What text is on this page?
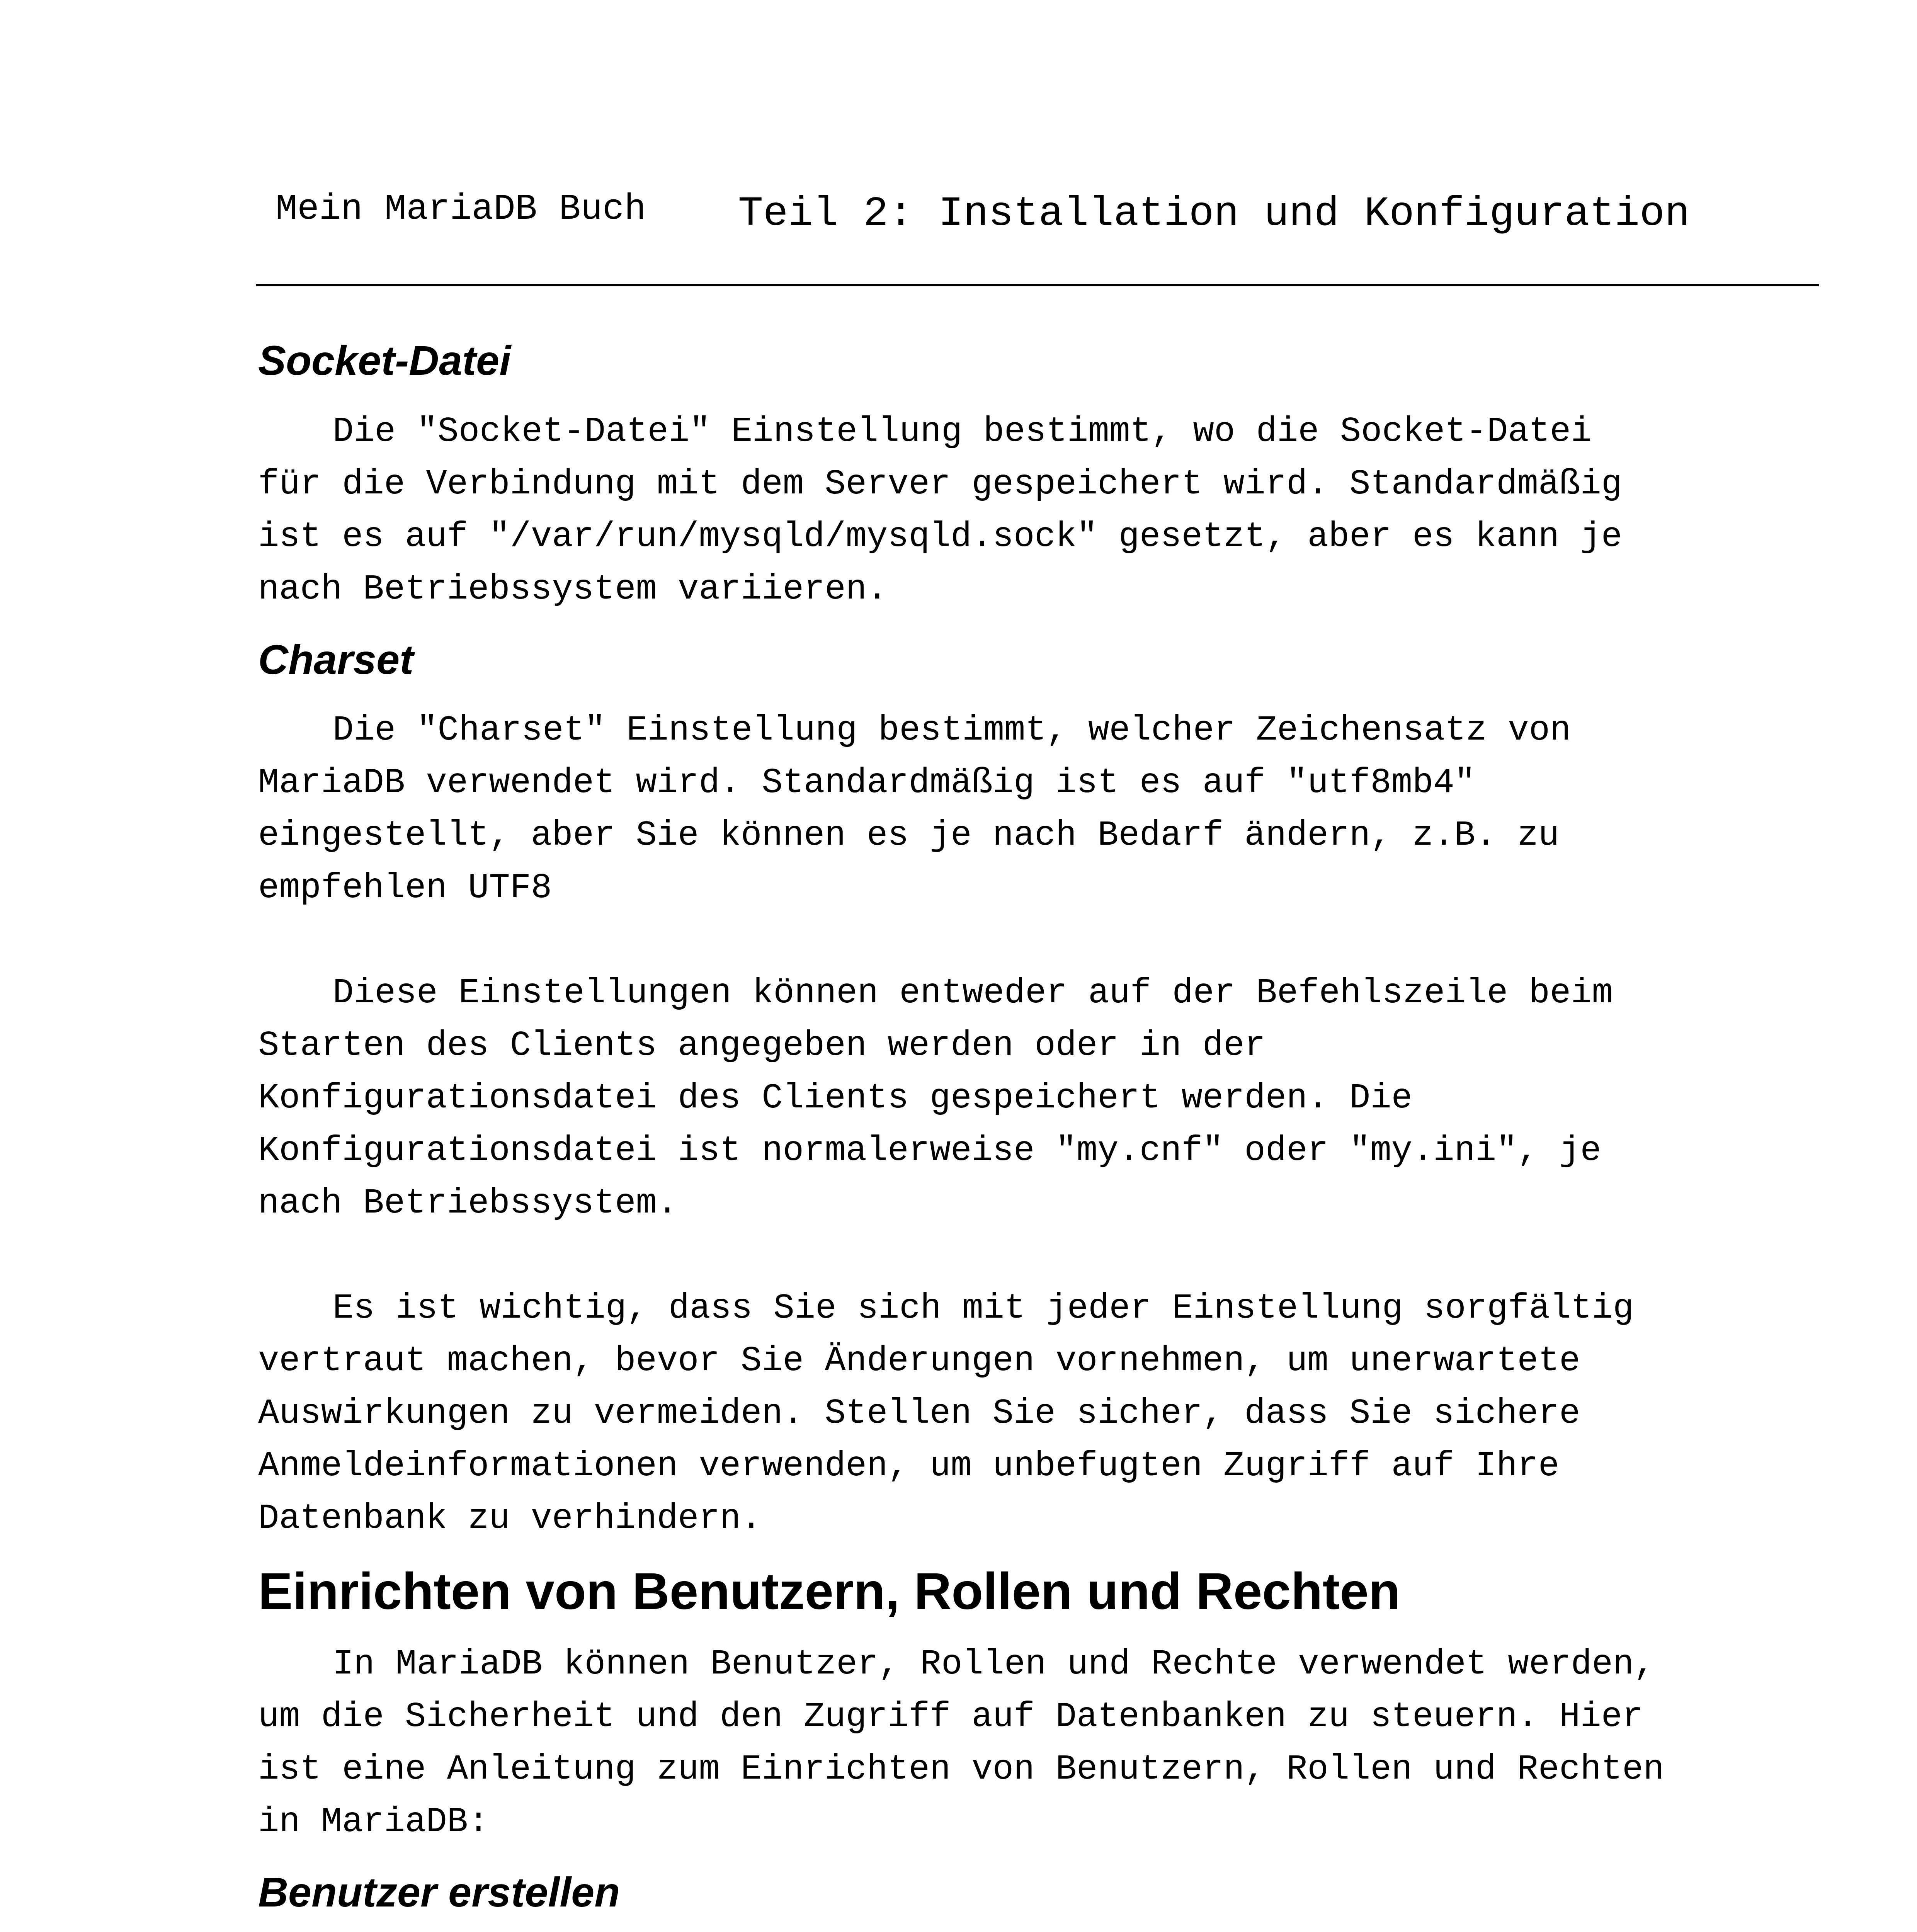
Mein MariaDB Buch Teil 2: Installation und Konfiguration
Socket-Datei

Die "Socket-Datei" Einstellung bestimmt, wo die Socket-Datei
für die Verbindung mit dem Server gespeichert wird. Standardmäßig
ist es auf "/var/run/mysqld/mysqld.sock" gesetzt, aber es kann je
nach Betriebssystem variieren.

Charset

Die "Charset" Einstellung bestimmt, welcher Zeichensatz von
MariaDB verwendet wird. Standardmäßig ist es auf "utf8mb4"
eingestellt, aber Sie können es je nach Bedarf ändern, z.B. zu
empfehlen UTF8

Diese Einstellungen können entweder auf der Befehlszeile beim
Starten des Clients angegeben werden oder in der
Konfigurationsdatei des Clients gespeichert werden. Die
Konfigurationsdatei ist normalerweise "my.cnf" oder "my.ini", je
nach Betriebssystem.

Es ist wichtig, dass Sie sich mit jeder Einstellung sorgfältig
vertraut machen, bevor Sie Änderungen vornehmen, um unerwartete
Auswirkungen zu vermeiden. Stellen Sie sicher, dass Sie sichere
Anmeldeinformationen verwenden, um unbefugten Zugriff auf Ihre
Datenbank zu verhindern.

Einrichten von Benutzern, Rollen und Rechten

In MariaDB können Benutzer, Rollen und Rechte verwendet werden,
um die Sicherheit und den Zugriff auf Datenbanken zu steuern. Hier
ist eine Anleitung zum Einrichten von Benutzern, Rollen und Rechten
in MariaDB:

Benutzer erstellen
